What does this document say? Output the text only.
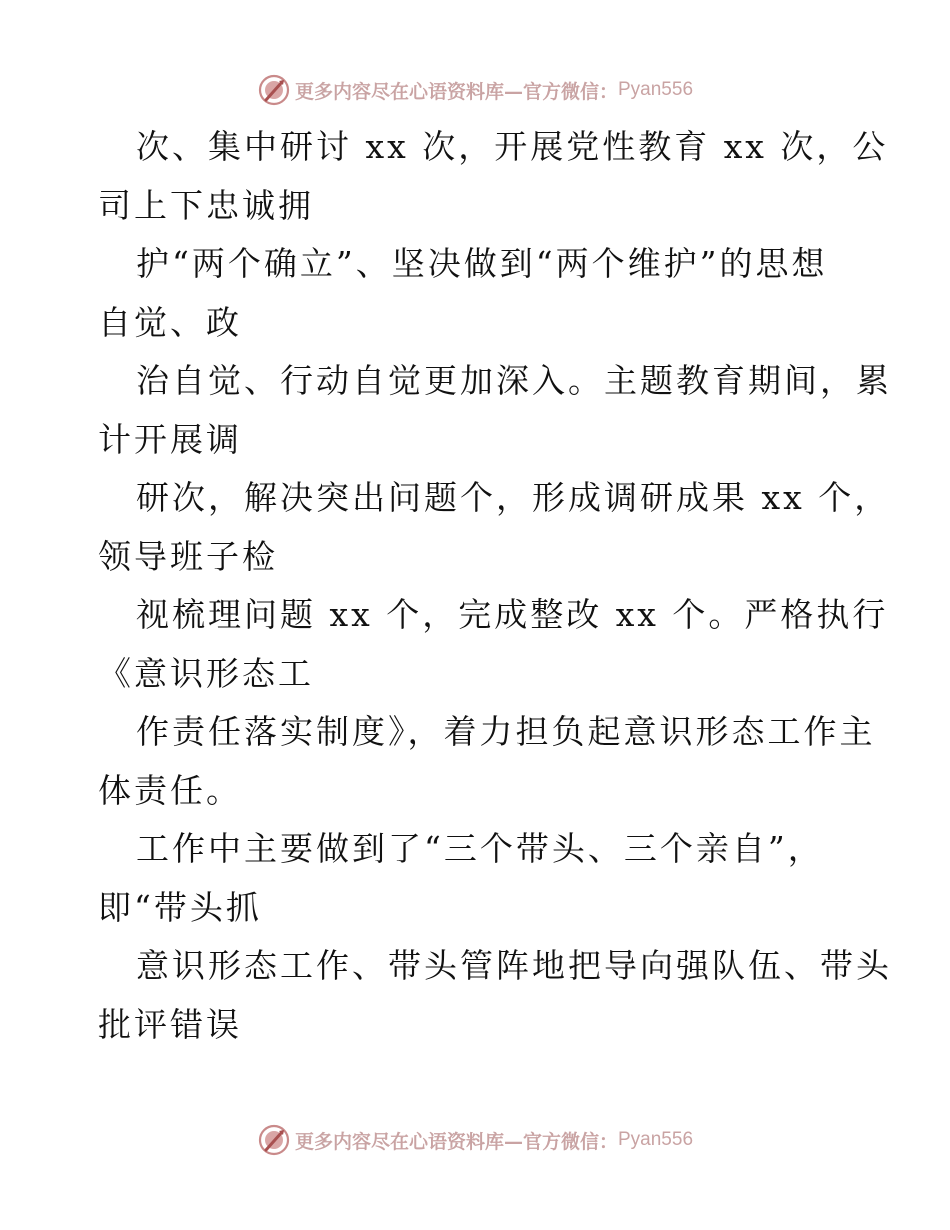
更多内容尽在心语资料库—官方微信： Pyan556
次、集中研讨 xx 次，开展党性教育 xx 次，公
司上下忠诚拥
护“两个确立”、坚决做到“两个维护”的思想
自觉、政
治自觉、行动自觉更加深入。主题教育期间，累
计开展调
研次，解决突出问题个，形成调研成果 xx 个，
领导班子检
视梳理问题 xx 个，完成整改 xx 个。严格执行
《意识形态工
作责任落实制度》，着力担负起意识形态工作主
体责任。
工作中主要做到了“三个带头、三个亲自”，
即“带头抓
意识形态工作、带头管阵地把导向强队伍、带头
批评错误
更多内容尽在心语资料库—官方微信： Pyan556
